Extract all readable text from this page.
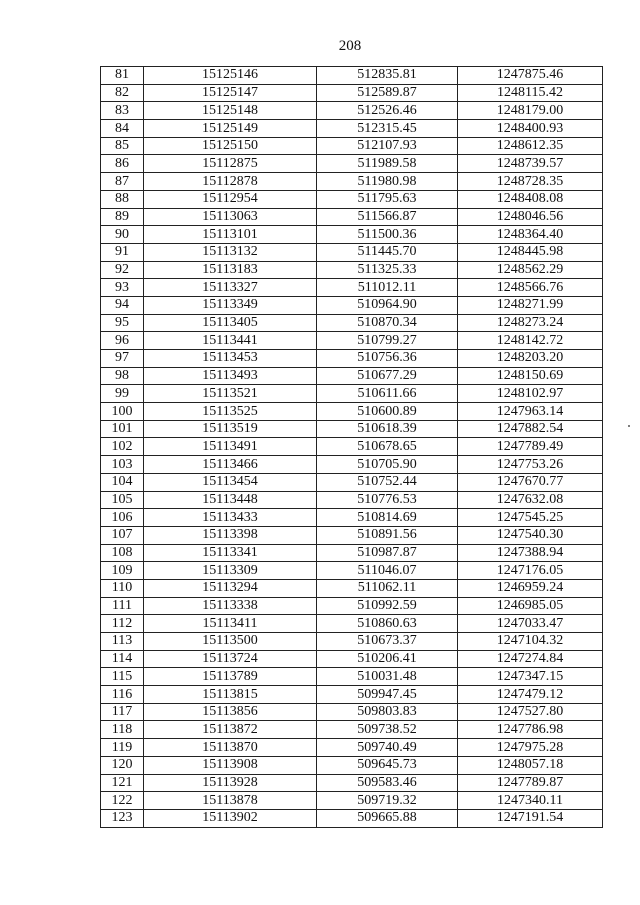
208
81	15125146	512835.81	1247875.46
82	15125147	512589.87	1248115.42
83	15125148	512526.46	1248179.00
84	15125149	512315.45	1248400.93
85	15125150	512107.93	1248612.35
86	15112875	511989.58	1248739.57
87	15112878	511980.98	1248728.35
88	15112954	511795.63	1248408.08
89	15113063	511566.87	1248046.56
90	15113101	511500.36	1248364.40
91	15113132	511445.70	1248445.98
92	15113183	511325.33	1248562.29
93	15113327	511012.11	1248566.76
94	15113349	510964.90	1248271.99
95	15113405	510870.34	1248273.24
96	15113441	510799.27	1248142.72
97	15113453	510756.36	1248203.20
98	15113493	510677.29	1248150.69
99	15113521	510611.66	1248102.97
100	15113525	510600.89	1247963.14
101	15113519	510618.39	1247882.54
102	15113491	510678.65	1247789.49
103	15113466	510705.90	1247753.26
104	15113454	510752.44	1247670.77
105	15113448	510776.53	1247632.08
106	15113433	510814.69	1247545.25
107	15113398	510891.56	1247540.30
108	15113341	510987.87	1247388.94
109	15113309	511046.07	1247176.05
110	15113294	511062.11	1246959.24
111	15113338	510992.59	1246985.05
112	15113411	510860.63	1247033.47
113	15113500	510673.37	1247104.32
114	15113724	510206.41	1247274.84
115	15113789	510031.48	1247347.15
116	15113815	509947.45	1247479.12
117	15113856	509803.83	1247527.80
118	15113872	509738.52	1247786.98
119	15113870	509740.49	1247975.28
120	15113908	509645.73	1248057.18
121	15113928	509583.46	1247789.87
122	15113878	509719.32	1247340.11
123	15113902	509665.88	1247191.54
